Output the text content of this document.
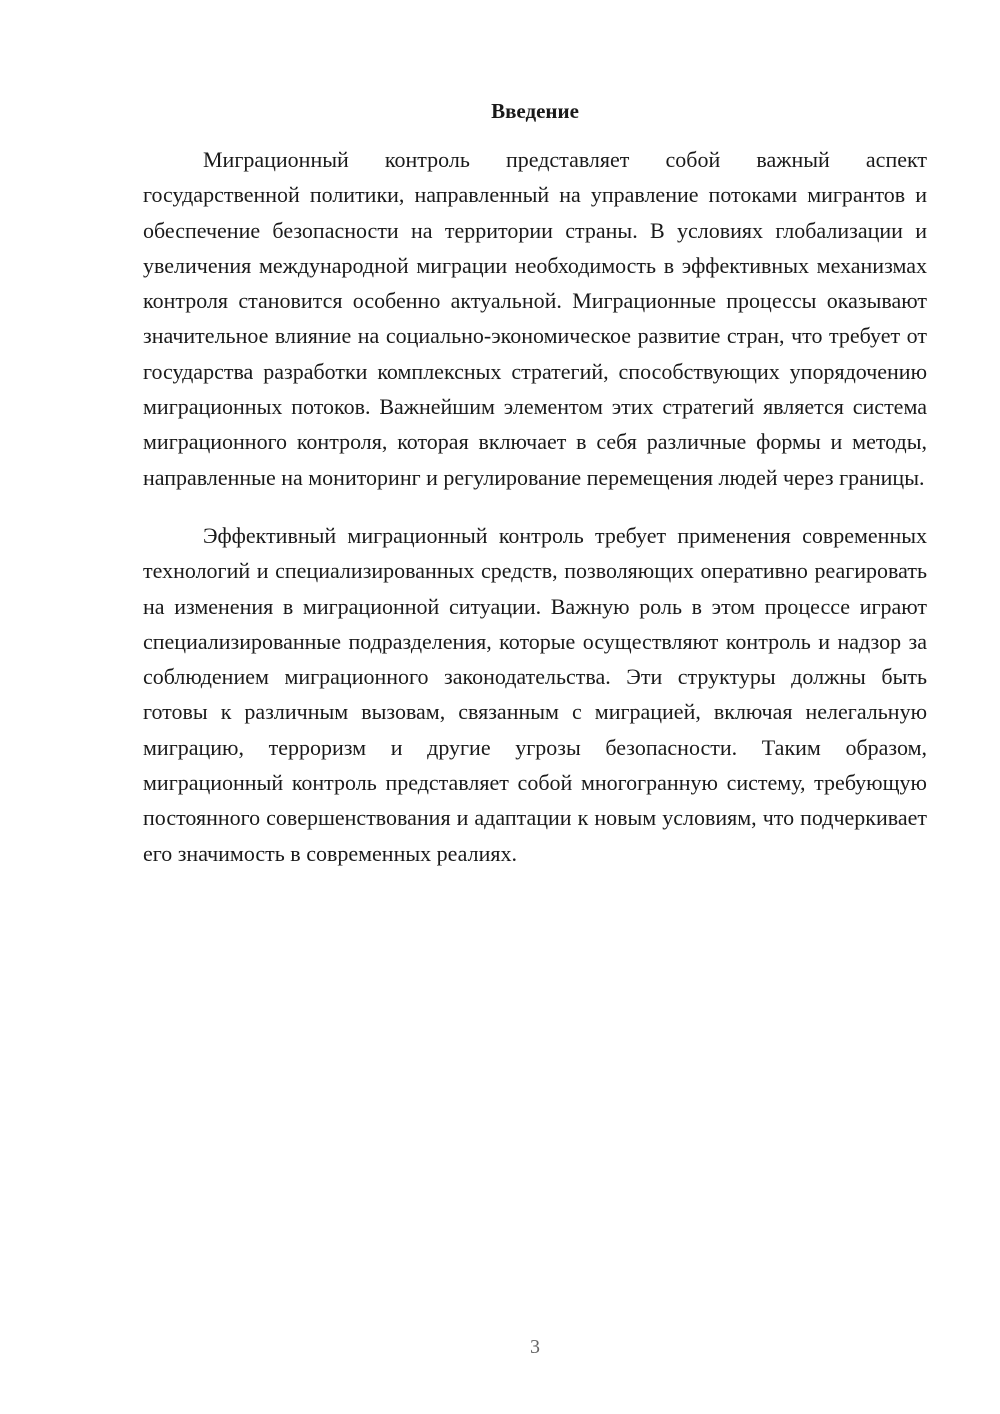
Введение

Миграционный контроль представляет собой важный аспект государственной политики, направленный на управление потоками мигрантов и обеспечение безопасности на территории страны. В условиях глобализации и увеличения международной миграции необходимость в эффективных механизмах контроля становится особенно актуальной. Миграционные процессы оказывают значительное влияние на социально-экономическое развитие стран, что требует от государства разработки комплексных стратегий, способствующих упорядочению миграционных потоков. Важнейшим элементом этих стратегий является система миграционного контроля, которая включает в себя различные формы и методы, направленные на мониторинг и регулирование перемещения людей через границы.

Эффективный миграционный контроль требует применения современных технологий и специализированных средств, позволяющих оперативно реагировать на изменения в миграционной ситуации. Важную роль в этом процессе играют специализированные подразделения, которые осуществляют контроль и надзор за соблюдением миграционного законодательства. Эти структуры должны быть готовы к различным вызовам, связанным с миграцией, включая нелегальную миграцию, терроризм и другие угрозы безопасности. Таким образом, миграционный контроль представляет собой многогранную систему, требующую постоянного совершенствования и адаптации к новым условиям, что подчеркивает его значимость в современных реалиях.

3
